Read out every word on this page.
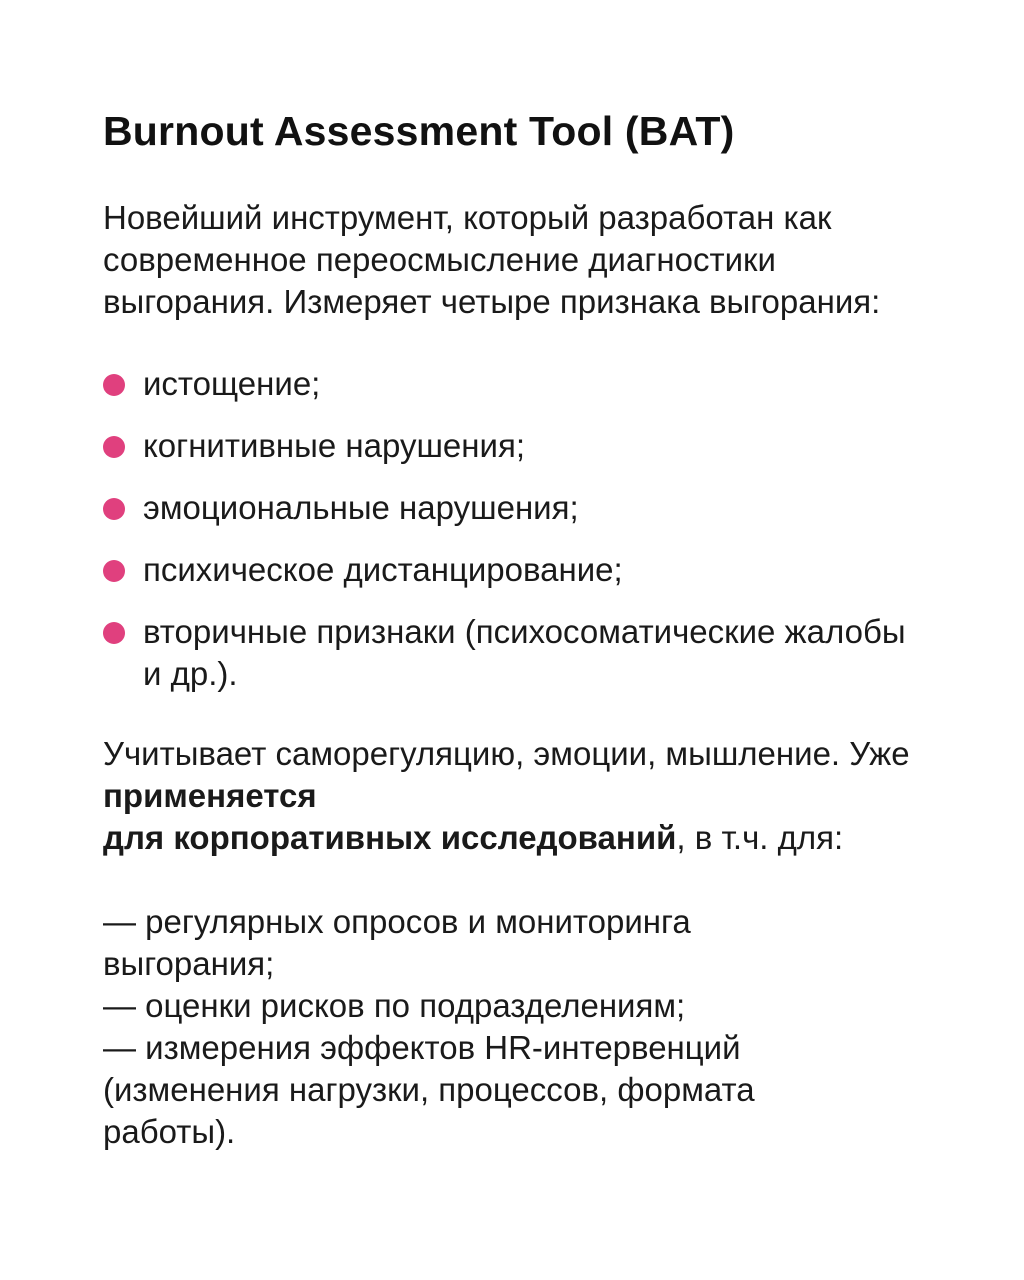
Burnout Assessment Tool (BAT)

Новейший инструмент, который разработан как современное переосмысление диагностики выгорания. Измеряет четыре признака выгорания:

истощение;
когнитивные нарушения;
эмоциональные нарушения;
психическое дистанцирование;
вторичные признаки (психосоматические жалобы и др.).

Учитывает саморегуляцию, эмоции, мышление. Уже применяется
для корпоративных исследований, в т.ч. для:

— регулярных опросов и мониторинга выгорания;
— оценки рисков по подразделениям;
— измерения эффектов HR-интервенций (изменения нагрузки, процессов, формата работы).
